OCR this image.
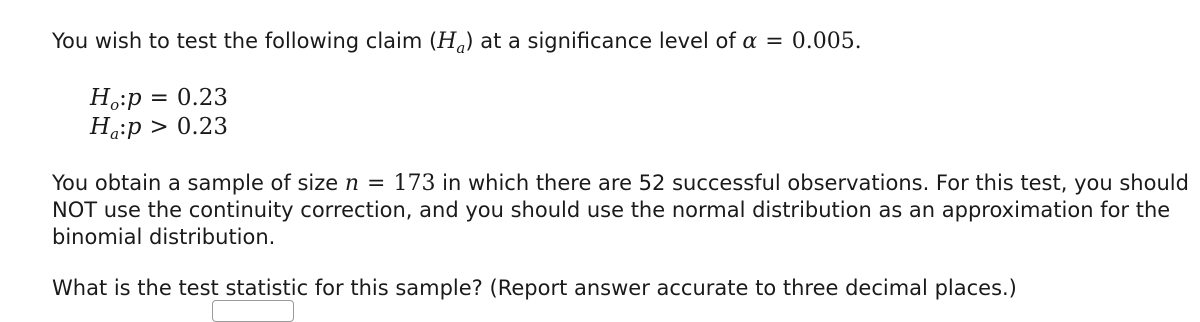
You wish to test the following claim $(H_a)$ at a significance level of α = 0.005.
$H_o:p = 0.23$
$H_a:p > 0.23$
You obtain a sample of size n = 173 in which there are 52 successful observations. For this test, you should
NOT use the continuity correction, and you should use the normal distribution as an approximation for the
binomial distribution.
What is the test statistic for this sample? (Report answer accurate to three decimal places.)
